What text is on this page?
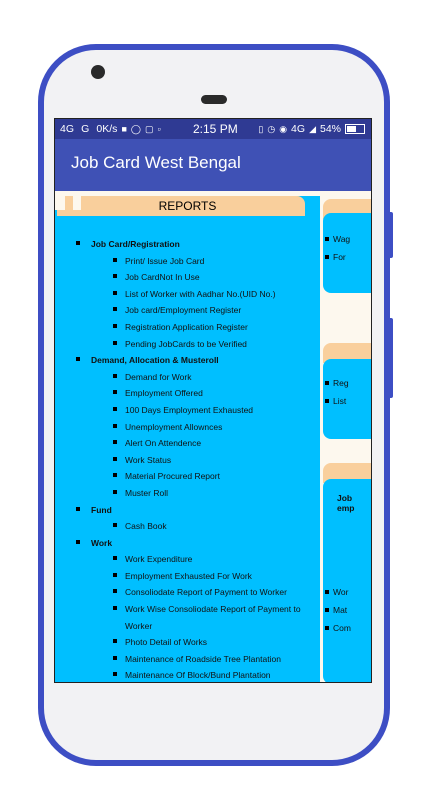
4G   G   0K/s ■ ◯ ▢ ▫	2:15 PM ▯ ◷ ◉ 4G ◢ 54%
Job Card West Bengal
REPORTS
Job Card/Registration
Print/ Issue Job Card
Job CardNot In Use
List of Worker with Aadhar No.(UID No.)
Job card/Employment Register
Registration Application Register
Pending JobCards to be Verified
Demand, Allocation & Musteroll
Demand for Work
Employment Offered
100 Days Employment Exhausted
Unemployment Allownces
Alert On Attendence
Work Status
Material Procured Report
Muster Roll
Fund
Cash Book
Work
Work Expenditure
Employment Exhausted For Work
Consoliodate Report of Payment to Worker
Work Wise Consoliodate Report of Payment to Worker
Photo Detail of Works
Maintenance of Roadside Tree Plantation
Maintenance Of Block/Bund Plantation
Wag
For
Reg
List
Job
emp
Wor
Mat
Com
